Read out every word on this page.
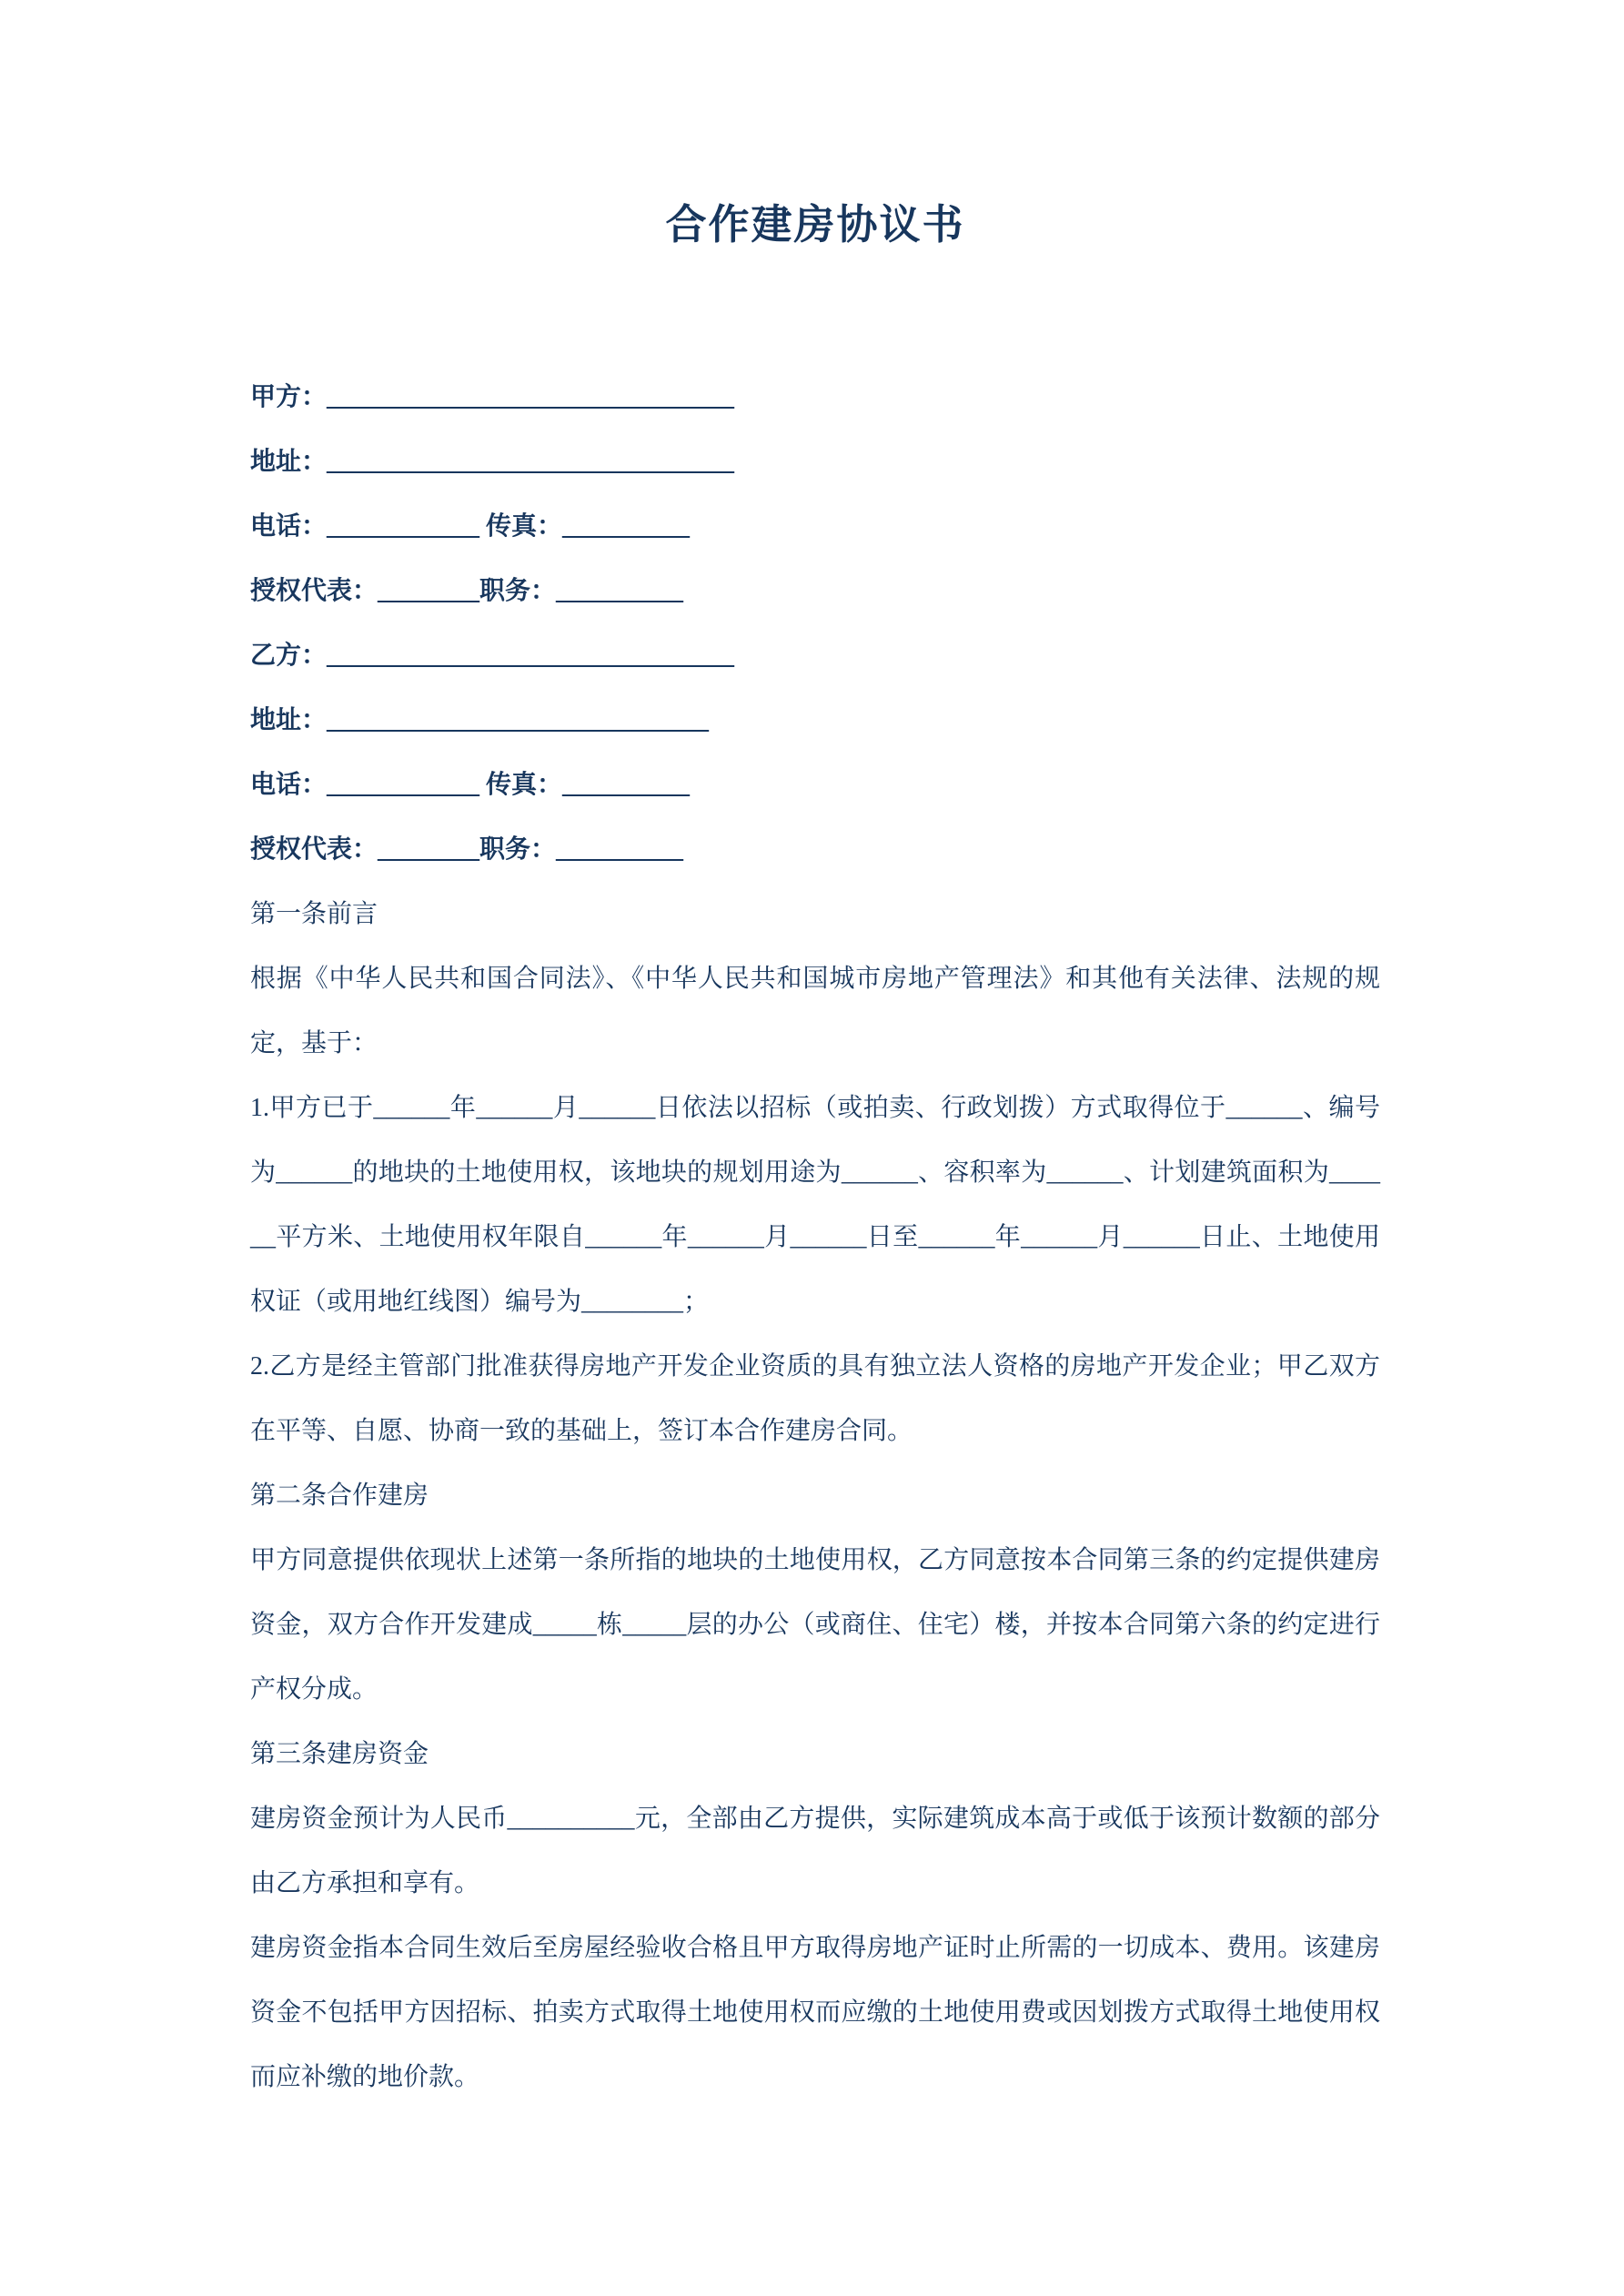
合作建房协议书
甲方：________________________________
地址：________________________________
电话：____________ 传真：__________
授权代表：________职务：__________
乙方：________________________________
地址：______________________________
电话：____________ 传真：__________
授权代表：________职务：__________
第一条前言
根据《中华人民共和国合同法》、《中华人民共和国城市房地产管理法》和其他有关法律、法规的规定，基于：
1.甲方已于______年______月______日依法以招标（或拍卖、行政划拨）方式取得位于______、编号为______的地块的土地使用权，该地块的规划用途为______、容积率为______、计划建筑面积为______平方米、土地使用权年限自______年______月______日至______年______月______日止、土地使用权证（或用地红线图）编号为________；
2.乙方是经主管部门批准获得房地产开发企业资质的具有独立法人资格的房地产开发企业；甲乙双方在平等、自愿、协商一致的基础上，签订本合作建房合同。
第二条合作建房
甲方同意提供依现状上述第一条所指的地块的土地使用权，乙方同意按本合同第三条的约定提供建房资金，双方合作开发建成_____栋_____层的办公（或商住、住宅）楼，并按本合同第六条的约定进行产权分成。
第三条建房资金
建房资金预计为人民币__________元，全部由乙方提供，实际建筑成本高于或低于该预计数额的部分由乙方承担和享有。
建房资金指本合同生效后至房屋经验收合格且甲方取得房地产证时止所需的一切成本、费用。该建房资金不包括甲方因招标、拍卖方式取得土地使用权而应缴的土地使用费或因划拨方式取得土地使用权而应补缴的地价款。
